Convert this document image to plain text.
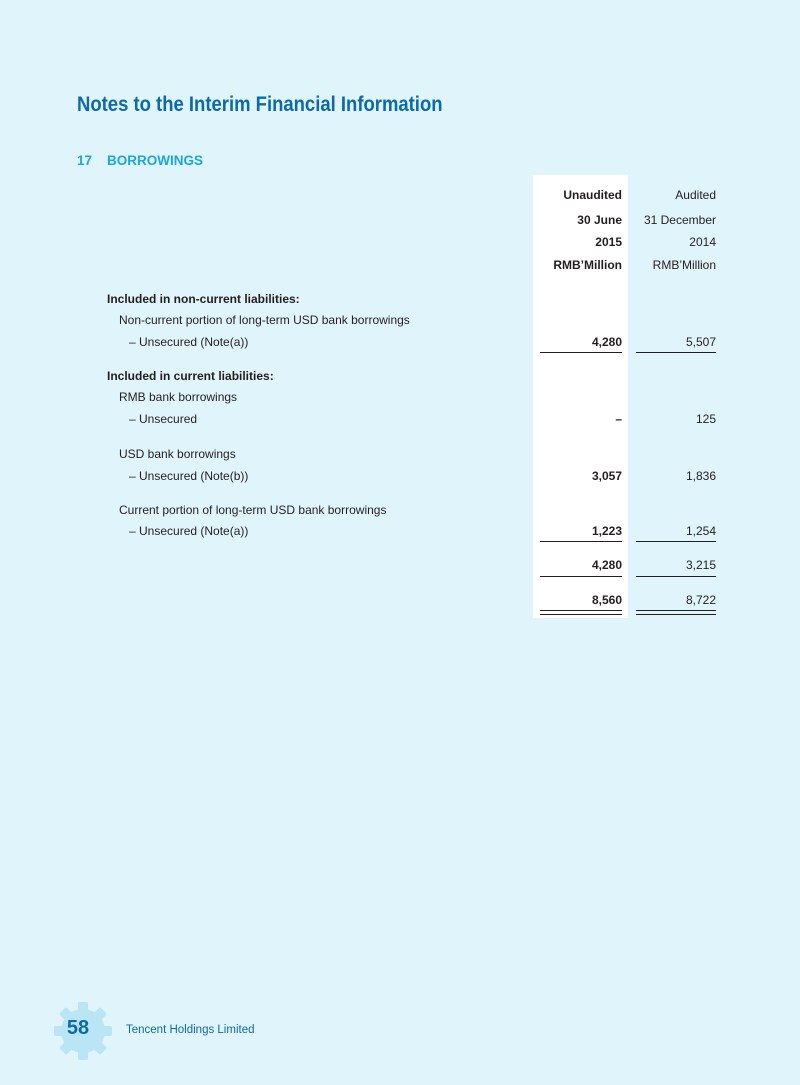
Notes to the Interim Financial Information
17 BORROWINGS
Unaudited	Audited
30 June 31 December
2015	2014
RMB’Million	RMB’Million
Included in non-current liabilities:
Non-current portion of long-term USD bank borrowings
– Unsecured (Note(a))	4,280	5,507
Included in current liabilities:
RMB bank borrowings
– Unsecured	–	125
USD bank borrowings
– Unsecured (Note(b))	3,057	1,836
Current portion of long-term USD bank borrowings
– Unsecured (Note(a))	1,223	1,254
4,280	3,215
8,560	8,722
58	Tencent Holdings Limited
